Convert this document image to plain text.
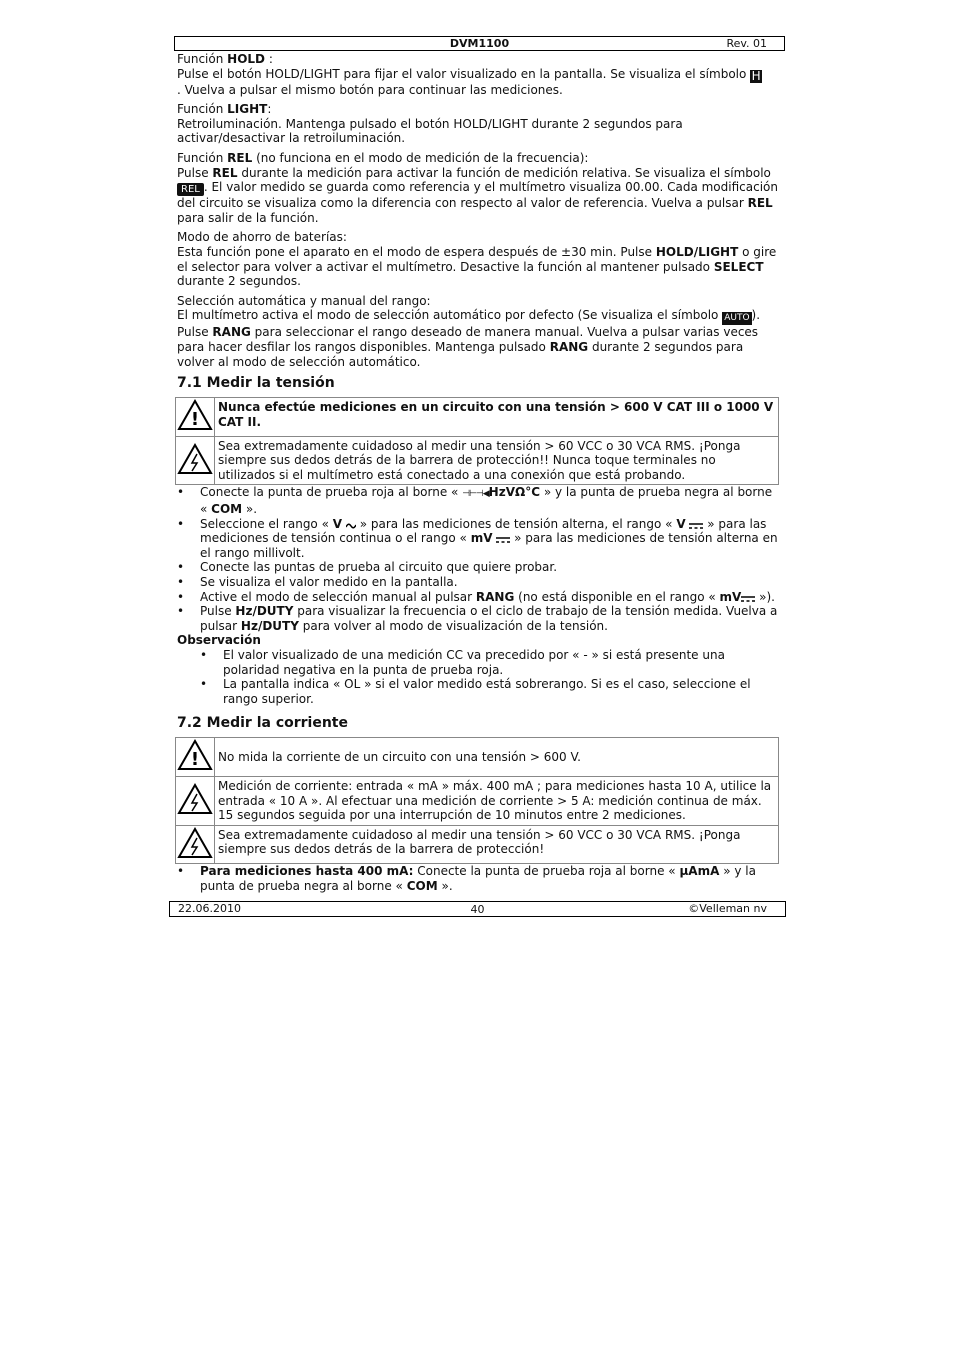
DVM1100	Rev. 01

Función HOLD :
Pulse el botón HOLD/LIGHT para fijar el valor visualizado en la pantalla. Se visualiza el símbolo H
. Vuelva a pulsar el mismo botón para continuar las mediciones.

Función LIGHT:
Retroiluminación. Mantenga pulsado el botón HOLD/LIGHT durante 2 segundos para activar/desactivar la retroiluminación.

Función REL (no funciona en el modo de medición de la frecuencia):
Pulse REL durante la medición para activar la función de medición relativa. Se visualiza el símbolo
REL . El valor medido se guarda como referencia y el multímetro visualiza 00.00. Cada modificación del circuito se visualiza como la diferencia con respecto al valor de referencia. Vuelva a pulsar REL para salir de la función.

Modo de ahorro de baterías:
Esta función pone el aparato en el modo de espera después de ±30 min. Pulse HOLD/LIGHT o gire el selector para volver a activar el multímetro. Desactive la función al mantener pulsado SELECT durante 2 segundos.

Selección automática y manual del rango:
El multímetro activa el modo de selección automático por defecto (Se visualiza el símbolo AUTO ). Pulse RANG para seleccionar el rango deseado de manera manual. Vuelva a pulsar varias veces para hacer desfilar los rangos disponibles. Mantenga pulsado RANG durante 2 segundos para volver al modo de selección automático.

7.1 Medir la tensión
!	Nunca efectúe mediciones en un circuito con una tensión > 600 V CAT III o 1000 V CAT II.
	Sea extremadamente cuidadoso al medir una tensión > 60 VCC o 30 VCA RMS. ¡Ponga siempre sus dedos detrás de la barrera de protección!! Nunca toque terminales no utilizados si el multímetro está conectado a una conexión que está probando.
• Conecte la punta de prueba roja al borne « ⊣⊢⊣◀HzVΩ°C » y la punta de prueba negra al borne « COM ».
• Seleccione el rango « V  » para las mediciones de tensión alterna, el rango « V  » para las mediciones de tensión continua o el rango « mV  » para las mediciones de tensión alterna en el rango millivolt.
• Conecte las puntas de prueba al circuito que quiere probar.
• Se visualiza el valor medido en la pantalla.
• Active el modo de selección manual al pulsar RANG (no está disponible en el rango « mV »).
• Pulse Hz/DUTY para visualizar la frecuencia o el ciclo de trabajo de la tensión medida. Vuelva a pulsar Hz/DUTY para volver al modo de visualización de la tensión.
Observación
• El valor visualizado de una medición CC va precedido por « - » si está presente una polaridad negativa en la punta de prueba roja.
• La pantalla indica « OL » si el valor medido está sobrerango. Si es el caso, seleccione el rango superior.
7.2 Medir la corriente
!	No mida la corriente de un circuito con una tensión > 600 V.
	Medición de corriente: entrada « mA » máx. 400 mA ; para mediciones hasta 10 A, utilice la entrada « 10 A ». Al efectuar una medición de corriente > 5 A: medición continua de máx. 15 segundos seguida por una interrupción de 10 minutos entre 2 mediciones.
	Sea extremadamente cuidadoso al medir una tensión > 60 VCC o 30 VCA RMS. ¡Ponga siempre sus dedos detrás de la barrera de protección!
• Para mediciones hasta 400 mA: Conecte la punta de prueba roja al borne « µAmA » y la punta de prueba negra al borne « COM ».
22.06.2010	40	©Velleman nv
